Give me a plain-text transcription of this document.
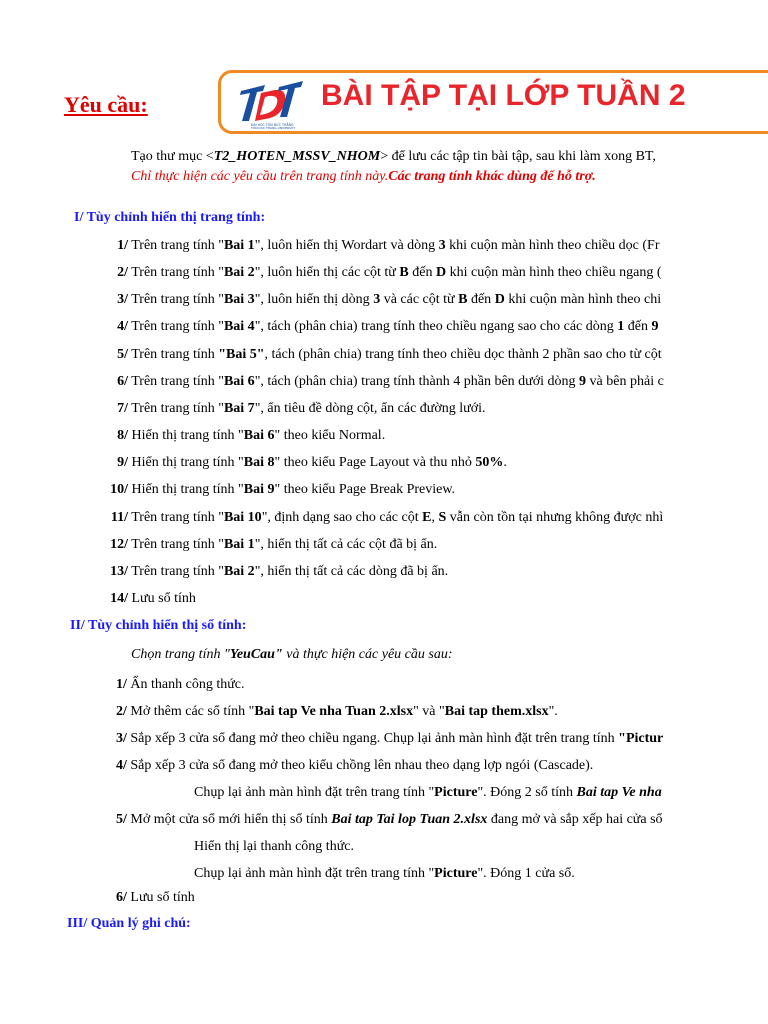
Yêu cầu:
ĐẠI HỌC TÔN ĐỨC THẮNG
TON DUC THANG UNIVERSITY
BÀI TẬP TẠI LỚP TUẦN 2
Tạo thư mục <T2_HOTEN_MSSV_NHOM> để lưu các tập tin bài tập, sau khi làm xong BT,
Chỉ thực hiện các yêu cầu trên trang tính này.Các trang tính khác dùng để hỗ trợ.
I/ Tùy chỉnh hiển thị trang tính:
1/ Trên trang tính "Bai 1", luôn hiển thị Wordart và dòng 3 khi cuộn màn hình theo chiều dọc (Fr
2/ Trên trang tính "Bai 2", luôn hiển thị các cột từ B đến D khi cuộn màn hình theo chiều ngang (
3/ Trên trang tính "Bai 3", luôn hiển thị dòng 3 và các cột từ B đến D khi cuộn màn hình theo chi
4/ Trên trang tính "Bai 4", tách (phân chia) trang tính theo chiều ngang sao cho các dòng 1 đến 9
5/ Trên trang tính "Bai 5", tách (phân chia) trang tính theo chiều dọc thành 2 phần sao cho từ cột
6/ Trên trang tính "Bai 6", tách (phân chia) trang tính thành 4 phần bên dưới dòng 9 và bên phải c
7/ Trên trang tính "Bai 7", ẩn tiêu đề dòng cột, ẩn các đường lưới.
8/ Hiển thị trang tính "Bai 6" theo kiểu Normal.
9/ Hiển thị trang tính "Bai 8" theo kiểu Page Layout và thu nhỏ 50%.
10/ Hiển thị trang tính "Bai 9" theo kiểu Page Break Preview.
11/ Trên trang tính "Bai 10", định dạng sao cho các cột E, S vẫn còn tồn tại nhưng không được nhì
12/ Trên trang tính "Bai 1", hiển thị tất cả các cột đã bị ẩn.
13/ Trên trang tính "Bai 2", hiển thị tất cả các dòng đã bị ẩn.
14/ Lưu sổ tính
II/ Tùy chỉnh hiển thị sổ tính:
Chọn trang tính "YeuCau" và thực hiện các yêu cầu sau:
1/ Ẩn thanh công thức.
2/ Mở thêm các sổ tính "Bai tap Ve nha Tuan 2.xlsx" và "Bai tap them.xlsx".
3/ Sắp xếp 3 cửa sổ đang mở theo chiều ngang. Chụp lại ảnh màn hình đặt trên trang tính "Pictur
4/ Sắp xếp 3 cửa sổ đang mở theo kiểu chồng lên nhau theo dạng lợp ngói (Cascade).
Chụp lại ảnh màn hình đặt trên trang tính "Picture". Đóng 2 sổ tính Bai tap Ve nha
5/ Mở một cửa sổ mới hiển thị sổ tính Bai tap Tai lop Tuan 2.xlsx đang mở và sắp xếp hai cửa sổ
Hiển thị lại thanh công thức.
Chụp lại ảnh màn hình đặt trên trang tính "Picture". Đóng 1 cửa sổ.
6/ Lưu sổ tính
III/ Quản lý ghi chú:
